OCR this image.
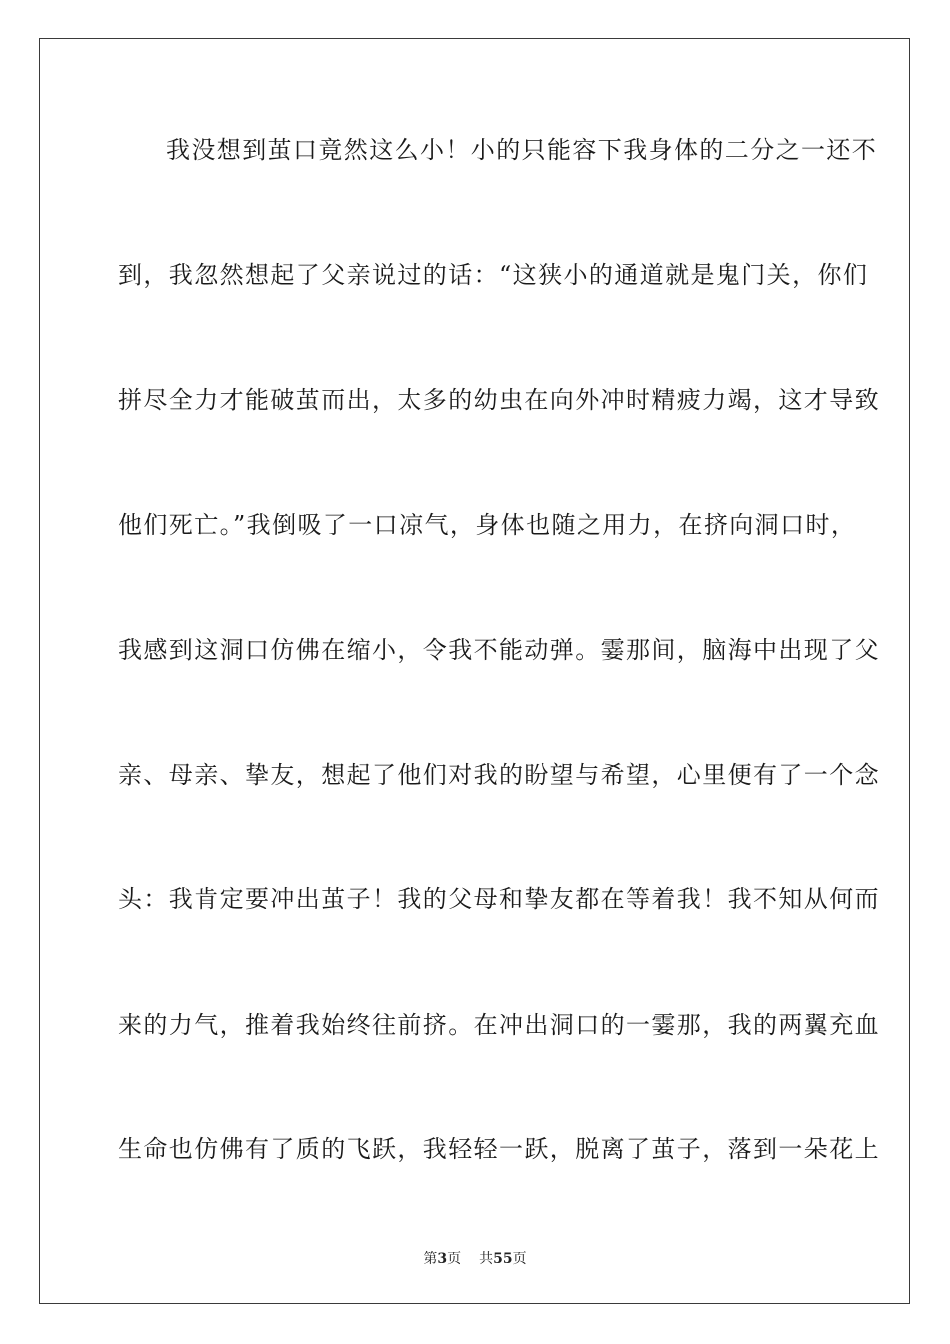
我没想到茧口竟然这么小！小的只能容下我身体的二分之一还不
到，我忽然想起了父亲说过的话：“这狭小的通道就是鬼门关，你们
拼尽全力才能破茧而出，太多的幼虫在向外冲时精疲力竭，这才导致
他们死亡。”我倒吸了一口凉气，身体也随之用力，在挤向洞口时，
我感到这洞口仿佛在缩小，令我不能动弹。霎那间，脑海中出现了父
亲、母亲、挚友，想起了他们对我的盼望与希望，心里便有了一个念
头：我肯定要冲出茧子！我的父母和挚友都在等着我！我不知从何而
来的力气，推着我始终往前挤。在冲出洞口的一霎那，我的两翼充血
生命也仿佛有了质的飞跃，我轻轻一跃，脱离了茧子，落到一朵花上
第3页 共55页
